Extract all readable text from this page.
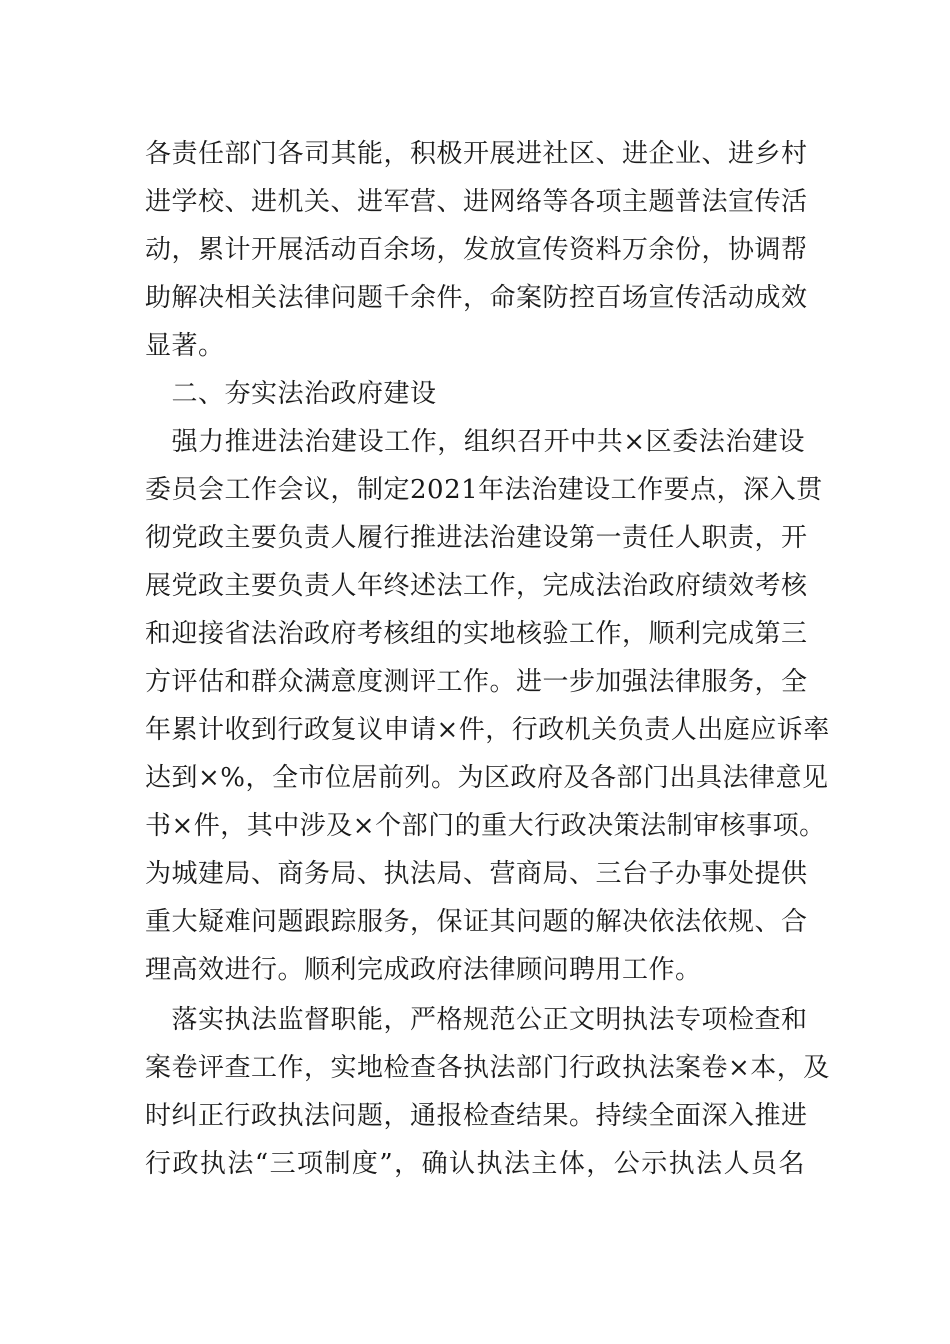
各责任部门各司其能，积极开展进社区、进企业、进乡村
进学校、进机关、进军营、进网络等各项主题普法宣传活
动，累计开展活动百余场，发放宣传资料万余份，协调帮
助解决相关法律问题千余件，命案防控百场宣传活动成效
显著。
　二、夯实法治政府建设
　强力推进法治建设工作，组织召开中共×区委法治建设
委员会工作会议，制定2021年法治建设工作要点，深入贯
彻党政主要负责人履行推进法治建设第一责任人职责，开
展党政主要负责人年终述法工作，完成法治政府绩效考核
和迎接省法治政府考核组的实地核验工作，顺利完成第三
方评估和群众满意度测评工作。进一步加强法律服务，全
年累计收到行政复议申请×件，行政机关负责人出庭应诉率
达到×%，全市位居前列。为区政府及各部门出具法律意见
书×件，其中涉及×个部门的重大行政决策法制审核事项。
为城建局、商务局、执法局、营商局、三台子办事处提供
重大疑难问题跟踪服务，保证其问题的解决依法依规、合
理高效进行。顺利完成政府法律顾问聘用工作。
　落实执法监督职能，严格规范公正文明执法专项检查和
案卷评查工作，实地检查各执法部门行政执法案卷×本，及
时纠正行政执法问题，通报检查结果。持续全面深入推进
行政执法“三项制度”，确认执法主体，公示执法人员名
